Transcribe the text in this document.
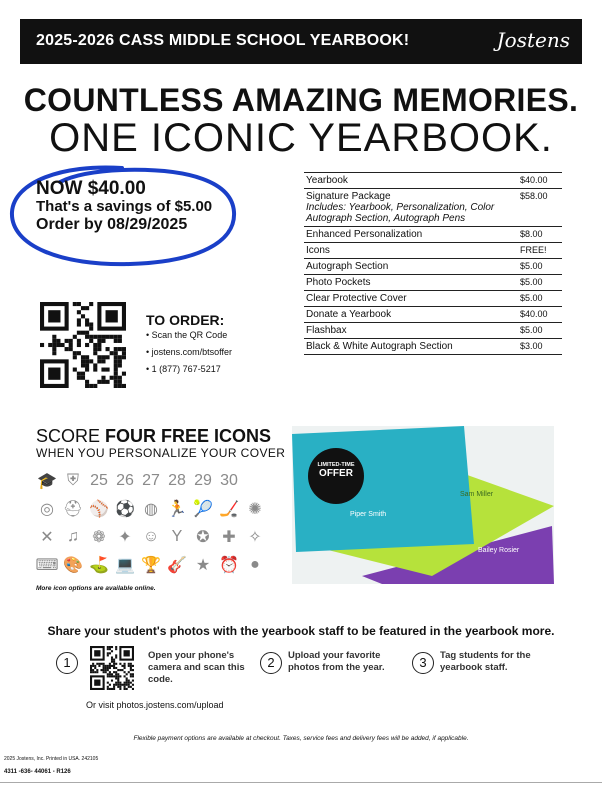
2025-2026 CASS MIDDLE SCHOOL YEARBOOK!	Jostens
COUNTLESS AMAZING MEMORIES.
ONE ICONIC YEARBOOK.
NOW $40.00
That's a savings of $5.00
Order by 08/29/2025
Yearbook	$40.00

Signature Package
Includes: Yearbook, Personalization, Color Autograph Section, Autograph Pens	$58.00

Enhanced Personalization	$8.00

Icons	FREE!

Autograph Section	$5.00

Photo Pockets	$5.00

Clear Protective Cover	$5.00

Donate a Yearbook	$40.00

Flashbax	$5.00

Black & White Autograph Section	$3.00
TO ORDER:
• Scan the QR Code
• jostens.com/btsoffer
• 1 (877) 767-5217
SCORE FOUR FREE ICONS
WHEN YOU PERSONALIZE YOUR COVER
🎓 ⛨ 25 26 27 28 29 30
◎ ⛑ ⚾ ⚽ ◍ 🏃 🎾 🏒 ✺
✕ ♫ ❁ ✦ ☺ Y ✪ ✚ ✧
⌨ 🎨 ⛳ 💻 🏆 🎸 ★ ⏰ ●
More icon options are available online.
Piper Smith
Sam Miller
Bailey Rosier
LIMITED-TIME
OFFER
Share your student's photos with the yearbook staff to be featured in the yearbook more.
1	Open your phone's camera and scan this code.
Or visit photos.jostens.com/upload
2	Upload your favorite photos from the year.	3	Tag students for the yearbook staff.
Flexible payment options are available at checkout. Taxes, service fees and delivery fees will be added, if applicable.
2025 Jostens, Inc. Printed in USA. 242105
4311 -636- 44061 - R126
